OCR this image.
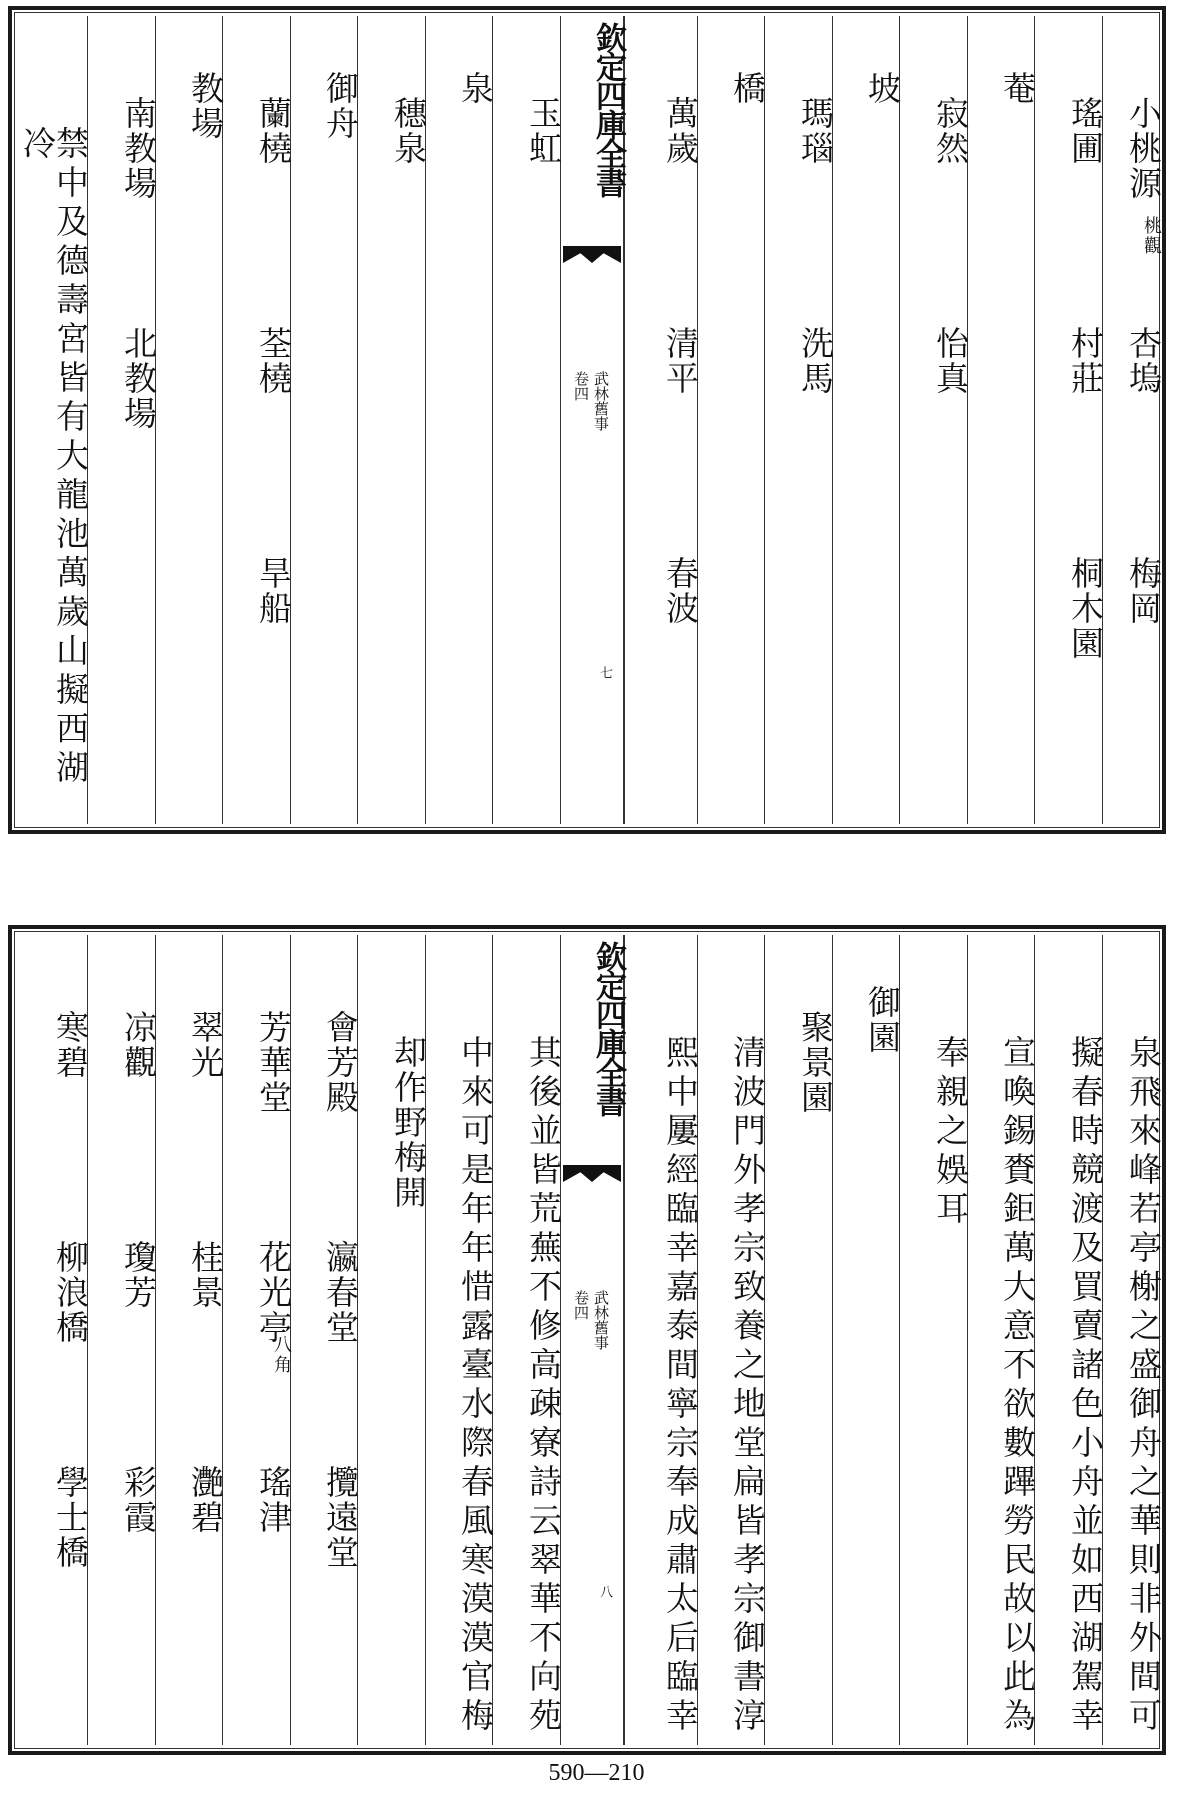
小桃源
桃觀
杏塢
梅岡
瑤圃
村莊
桐木園
菴
寂然
怡真
坡
瑪瑙
洗馬
橋
萬歲
清平
春波
欽定四庫全書
武林舊事
卷四
七
玉虹
泉
穗泉
御舟
蘭橈
荃橈
旱船
教場
南教場
北教場
禁中及德壽宮皆有大龍池萬歲山擬西湖冷
泉飛來峰若亭榭之盛御舟之華則非外間可
擬春時競渡及買賣諸色小舟並如西湖駕幸
宣喚錫賚鉅萬大意不欲數蹕勞民故以此為
奉親之娛耳
御園
聚景園
清波門外孝宗致養之地堂扁皆孝宗御書淳
熙中屢經臨幸嘉泰間寧宗奉成肅太后臨幸
欽定四庫全書
武林舊事
卷四
八
其後並皆荒蕪不修高疎寮詩云翠華不向苑
中來可是年年惜露臺水際春風寒漠漠官梅
却作野梅開
會芳殿
瀛春堂
攬遠堂
芳華堂
花光亭
八角
瑤津
翠光
桂景
灔碧
凉觀
瓊芳
彩霞
寒碧
柳浪橋
學士橋
590—210
